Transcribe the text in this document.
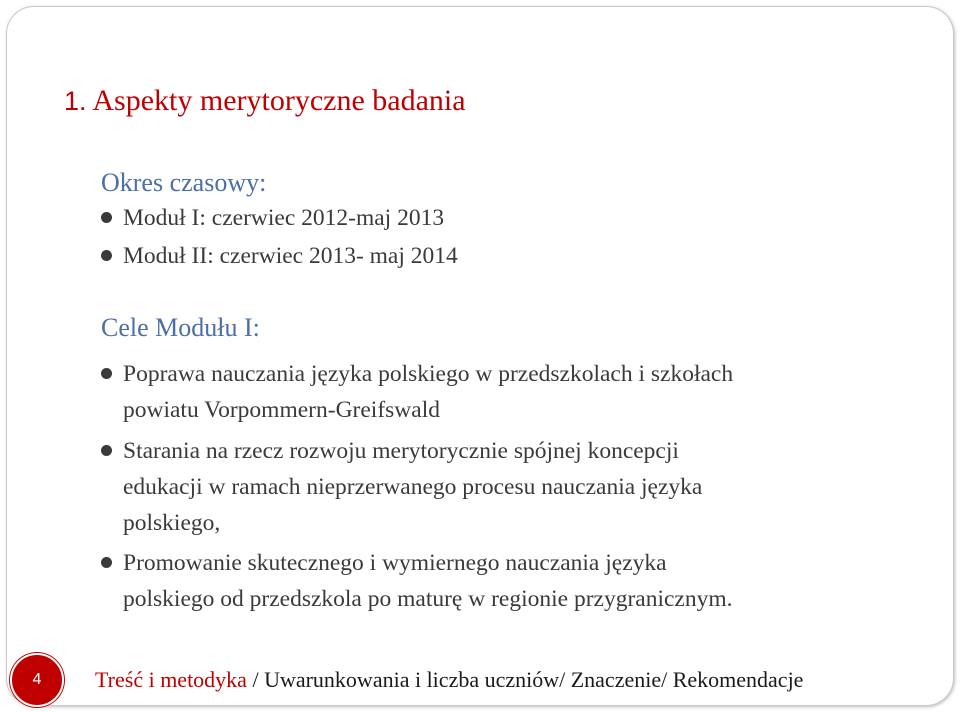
1. Aspekty merytoryczne badania
Okres czasowy:
Moduł I: czerwiec 2012-maj 2013
Moduł II: czerwiec 2013- maj 2014
Cele Modułu I:
Poprawa nauczania języka polskiego w przedszkolach i szkołach
powiatu Vorpommern-Greifswald
Starania na rzecz rozwoju merytorycznie spójnej koncepcji
edukacji w ramach nieprzerwanego procesu nauczania języka
polskiego,
Promowanie skutecznego i wymiernego nauczania języka
polskiego od przedszkola po maturę w regionie przygranicznym.
4	Treść i metodyka / Uwarunkowania i liczba uczniów/ Znaczenie/ Rekomendacje
